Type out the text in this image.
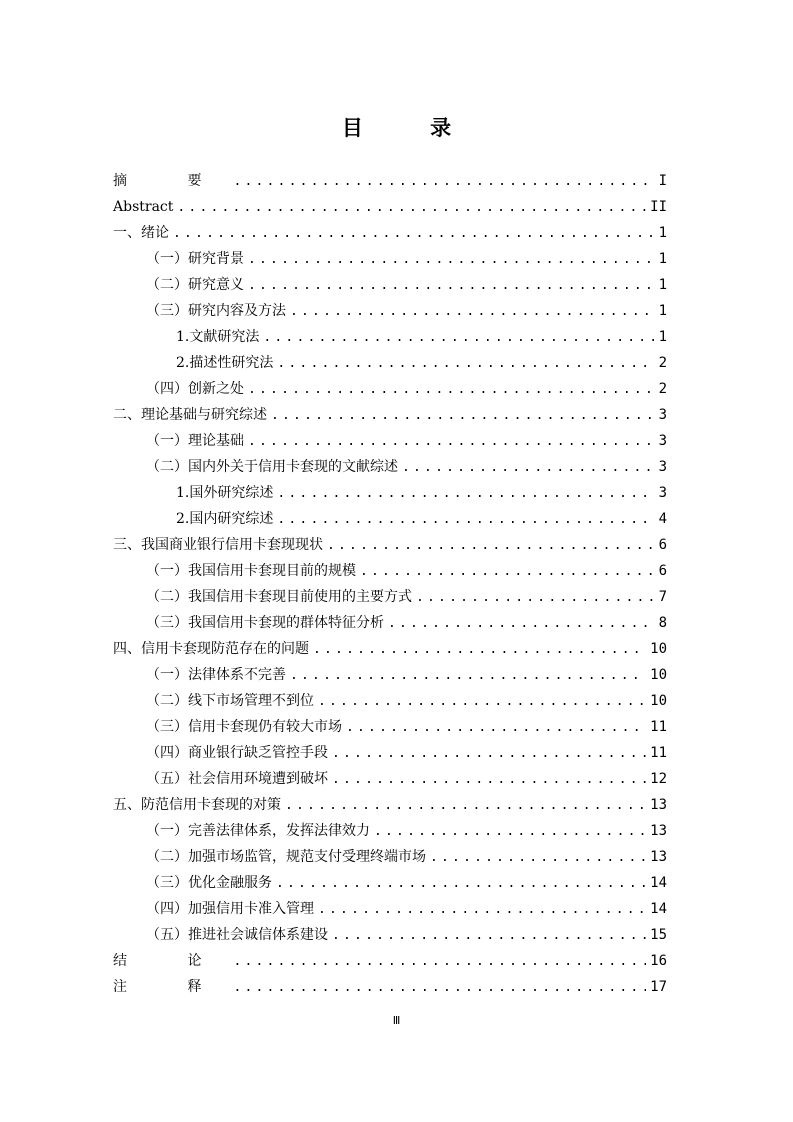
目 录
摘 要 .....	I
Abstract .....	II
一、绪论 .....	1
（一）研究背景 .....	1
（二）研究意义 .....	1
（三）研究内容及方法 .....	1
1.文献研究法 .....	1
2.描述性研究法 .....	2
（四）创新之处 .....	2
二、理论基础与研究综述 .....	3
（一）理论基础 .....	3
（二）国内外关于信用卡套现的文献综述 .....	3
1.国外研究综述 .....	3
2.国内研究综述 .....	4
三、我国商业银行信用卡套现现状 .....	6
（一）我国信用卡套现目前的规模 .....	6
（二）我国信用卡套现目前使用的主要方式 .....	7
（三）我国信用卡套现的群体特征分析 .....	8
四、信用卡套现防范存在的问题 .....	10
（一）法律体系不完善 .....	10
（二）线下市场管理不到位 .....	10
（三）信用卡套现仍有较大市场 .....	11
（四）商业银行缺乏管控手段 .....	11
（五）社会信用环境遭到破坏 .....	12
五、防范信用卡套现的对策 .....	13
（一）完善法律体系，发挥法律效力 .....	13
（二）加强市场监管，规范支付受理终端市场 .....	13
（三）优化金融服务 .....	14
（四）加强信用卡准入管理 .....	14
（五）推进社会诚信体系建设 .....	15
结 论 .....	16
注 释 .....	17
Ⅲ
